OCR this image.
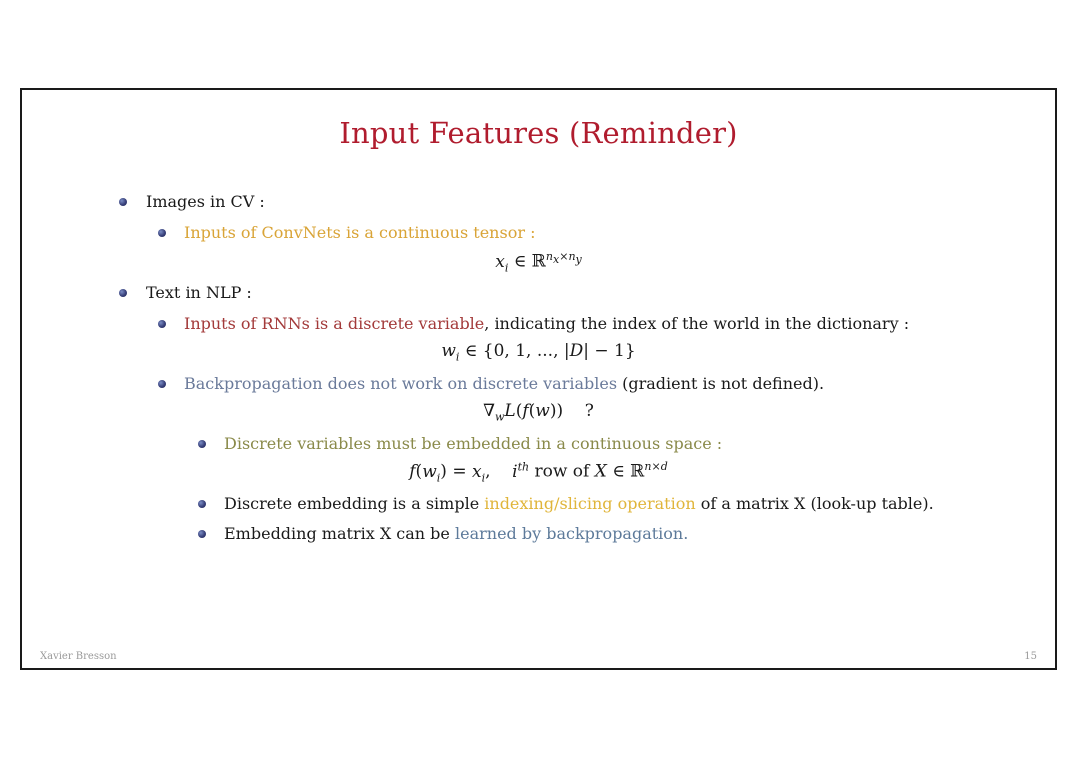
Input Features (Reminder)
Images in CV :
Inputs of ConvNets is a continuous tensor :
$x_i$ ∈ ℝ$^{n_x\times n_y}$
Text in NLP :
Inputs of RNNs is a discrete variable, indicating the index of the world in the dictionary :
$w_i$ ∈ {0, 1, ..., |D| − 1}
Backpropagation does not work on discrete variables (gradient is not defined).
$\nabla_wL(f(w))$    ?
Discrete variables must be embedded in a continuous space :
$f(w_i) = x_i$,    $i^{th}$ row of X ∈ ℝ$^{n\times d}$
Discrete embedding is a simple indexing/slicing operation of a matrix X (look-up table).
Embedding matrix X can be learned by backpropagation.
Xavier Bresson	15
